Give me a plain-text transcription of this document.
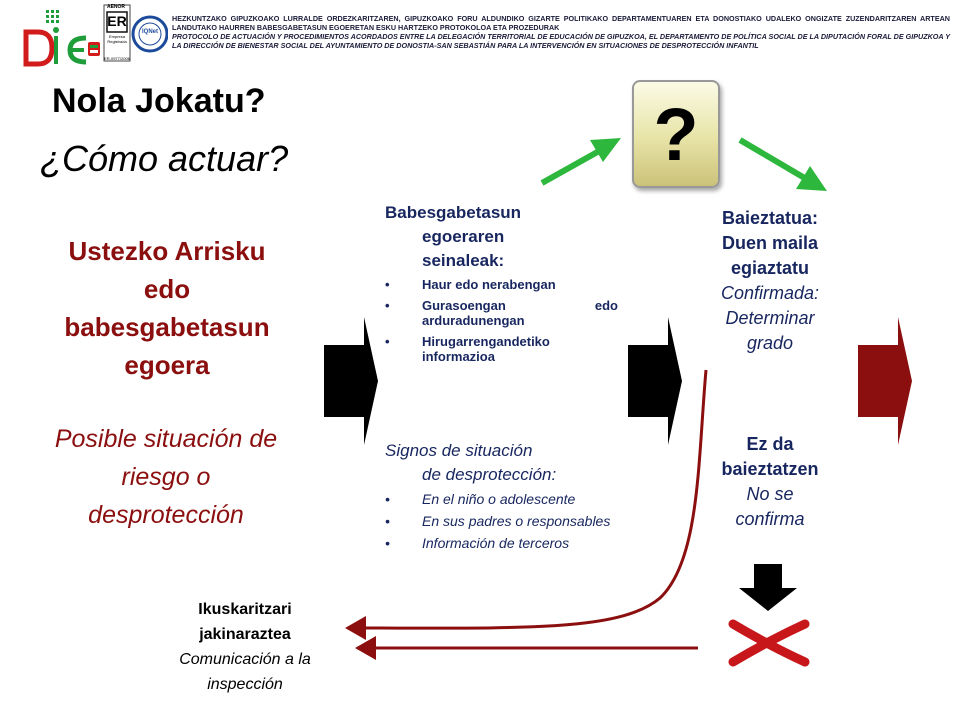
AENOR
ER
Empresa Registrada
ER-0977/2006
IQNet
HEZKUNTZAKO GIPUZKOAKO LURRALDE ORDEZKARITZAREN, GIPUZKOAKO FORU ALDUNDIKO GIZARTE POLITIKAKO DEPARTAMENTUAREN ETA DONOSTIAKO UDALEKO ONGIZATE ZUZENDARITZAREN ARTEAN LANDUTAKO HAURREN BABESGABETASUN EGOERETAN ESKU HARTZEKO PROTOKOLOA ETA PROZEDURAK
PROTOCOLO DE ACTUACIÓN Y PROCEDIMIENTOS ACORDADOS ENTRE LA DELEGACIÓN TERRITORIAL DE EDUCACIÓN DE GIPUZKOA, EL DEPARTAMENTO DE POLÍTICA SOCIAL DE LA DIPUTACIÓN FORAL DE GIPUZKOA Y LA DIRECCIÓN DE BIENESTAR SOCIAL DEL AYUNTAMIENTO DE DONOSTIA-SAN SEBASTIÁN PARA LA INTERVENCIÓN EN SITUACIONES DE DESPROTECCIÓN INFANTIL
Nola Jokatu?
¿Cómo actuar?
Ustezko Arrisku
edo
babesgabetasun
egoera
Posible situación de
riesgo o
desprotección
Babesgabetasun
egoeraren
seinaleak:
• Haur edo nerabengan
• Gurasoengan edo arduradunengan
• Hirugarrengandetiko informazioa
Signos de situación
de desprotección:
• En el niño o adolescente
• En sus padres o responsables
• Información de terceros
?
Baieztatua:
Duen maila
egiaztatu
Confirmada:
Determinar
grado
Ez da
baieztatzen
No se
confirma
Ikuskaritzari
jakinaraztea
Comunicación a la
inspección
